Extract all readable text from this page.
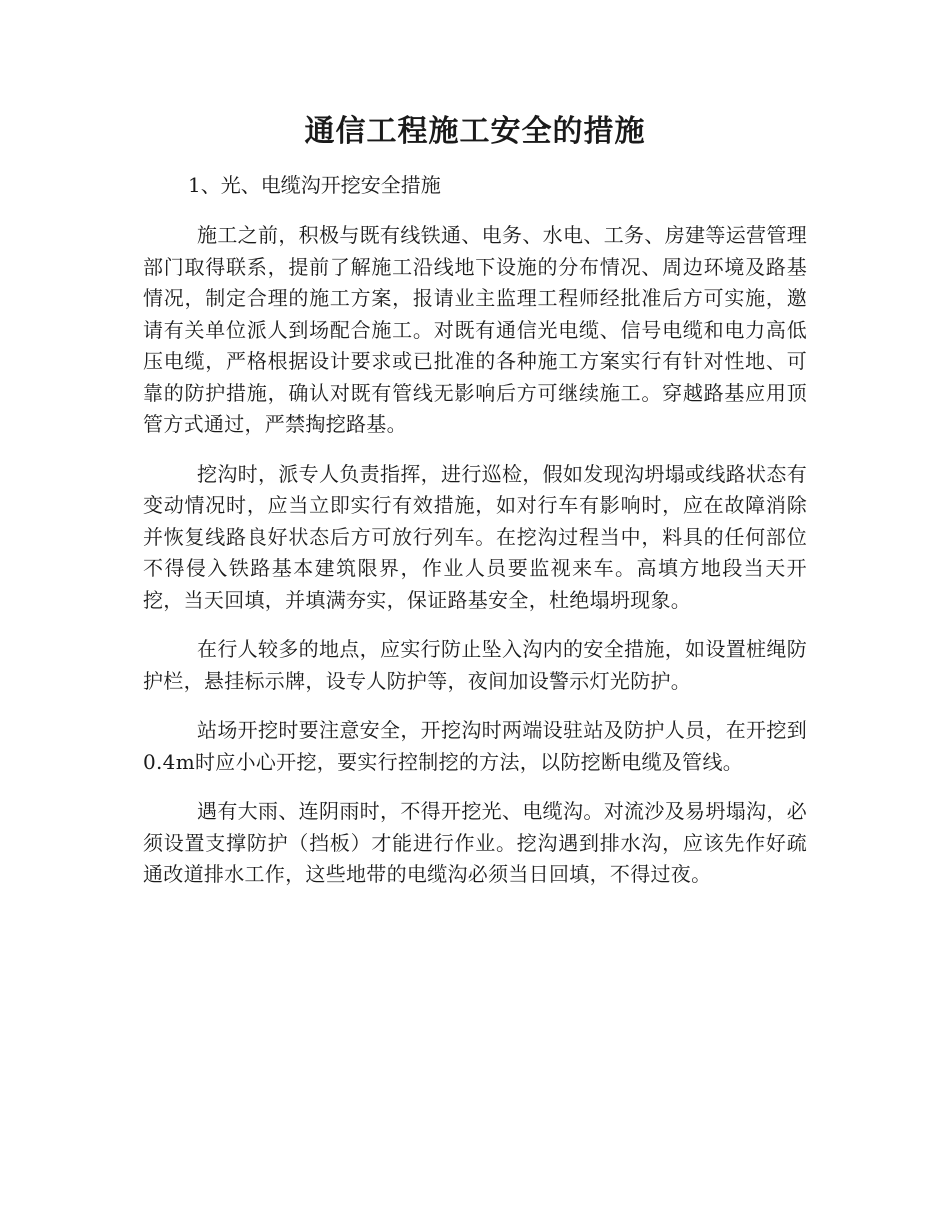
通信工程施工安全的措施

1、光、电缆沟开挖安全措施

施工之前，积极与既有线铁通、电务、水电、工务、房建等运营管理部门取得联系，提前了解施工沿线地下设施的分布情况、周边环境及路基情况，制定合理的施工方案，报请业主监理工程师经批准后方可实施，邀请有关单位派人到场配合施工。对既有通信光电缆、信号电缆和电力高低压电缆，严格根据设计要求或已批准的各种施工方案实行有针对性地、可靠的防护措施，确认对既有管线无影响后方可继续施工。穿越路基应用顶管方式通过，严禁掏挖路基。

挖沟时，派专人负责指挥，进行巡检，假如发现沟坍塌或线路状态有变动情况时，应当立即实行有效措施，如对行车有影响时，应在故障消除并恢复线路良好状态后方可放行列车。在挖沟过程当中，料具的任何部位不得侵入铁路基本建筑限界，作业人员要监视来车。高填方地段当天开挖，当天回填，并填满夯实，保证路基安全，杜绝塌坍现象。

在行人较多的地点，应实行防止坠入沟内的安全措施，如设置桩绳防护栏，悬挂标示牌，设专人防护等，夜间加设警示灯光防护。

站场开挖时要注意安全，开挖沟时两端设驻站及防护人员，在开挖到0.4m时应小心开挖，要实行控制挖的方法，以防挖断电缆及管线。

遇有大雨、连阴雨时，不得开挖光、电缆沟。对流沙及易坍塌沟，必须设置支撑防护（挡板）才能进行作业。挖沟遇到排水沟，应该先作好疏通改道排水工作，这些地带的电缆沟必须当日回填，不得过夜。
